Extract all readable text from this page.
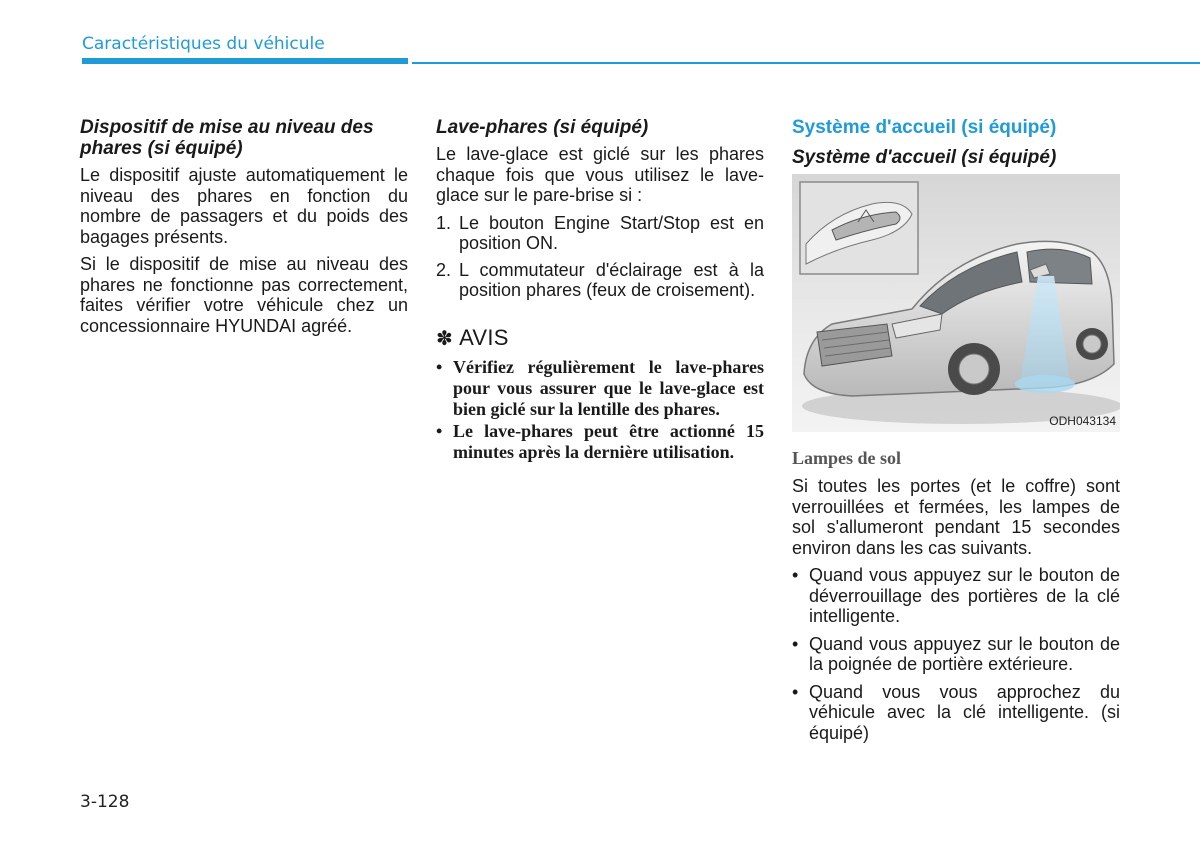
Caractéristiques du véhicule
Dispositif de mise au niveau des phares (si équipé)

Le dispositif ajuste automatiquement le niveau des phares en fonction du nombre de passagers et du poids des bagages présents.

Si le dispositif de mise au niveau des phares ne fonctionne pas correctement, faites vérifier votre véhicule chez un concessionnaire HYUNDAI agréé.

Lave-phares (si équipé)

Le lave-glace est giclé sur les phares chaque fois que vous utilisez le lave-glace sur le pare-brise si :

1. Le bouton Engine Start/Stop est en position ON.
2. L commutateur d'éclairage est à la position phares (feux de croisement).
✽ AVIS
• Vérifiez régulièrement le lave-phares pour vous assurer que le lave-glace est bien giclé sur la lentille des phares.
• Le lave-phares peut être actionné 15 minutes après la dernière utilisation.
Système d'accueil (si équipé)
Système d'accueil (si équipé)
ODH043134
Lampes de sol

Si toutes les portes (et le coffre) sont verrouillées et fermées, les lampes de sol s'allumeront pendant 15 secondes environ dans les cas suivants.

• Quand vous appuyez sur le bouton de déverrouillage des portières de la clé intelligente.
• Quand vous appuyez sur le bouton de la poignée de portière extérieure.
• Quand vous vous approchez du véhicule avec la clé intelligente. (si équipé)
3-128
